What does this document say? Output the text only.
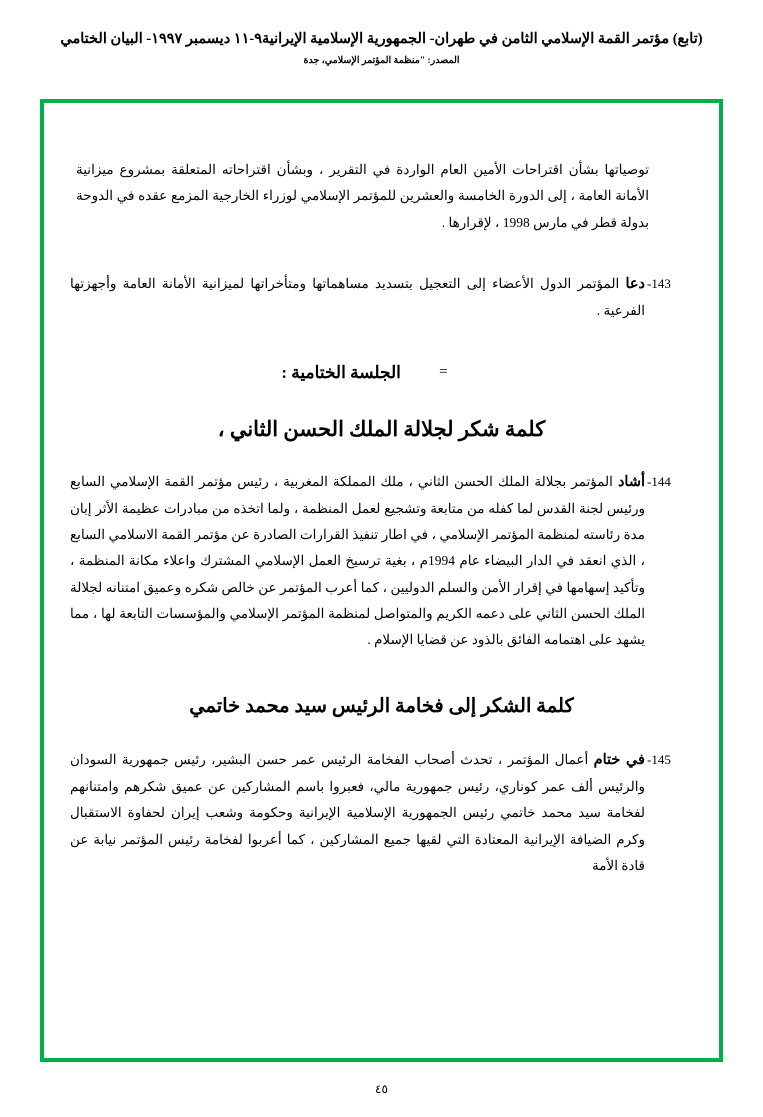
(تابع) مؤتمر القمة الإسلامي الثامن في طهران- الجمهورية الإسلامية الإيرانية٩-١١ ديسمبر ١٩٩٧- البيان الختامي
المصدر: "منظمة المؤتمر الإسلامي، جدة
توصياتها بشأن اقتراحات الأمين العام الواردة في التقرير ، وبشأن اقتراحاته المتعلقة بمشروع ميزانية الأمانة العامة ، إلى الدورة الخامسة والعشرين للمؤتمر الإسلامي لوزراء الخارجية المزمع عقده في الدوحة بدولة قطر في مارس 1998 ، لإقرارها .
-143
دعا المؤتمر الدول الأعضاء إلى التعجيل بتسديد مساهماتها ومتأخراتها لميزانية الأمانة العامة وأجهزتها الفرعية .
= الجلسة الختامية :
كلمة شكر لجلالة الملك الحسن الثاني ،
-144
أشاد المؤتمر بجلالة الملك الحسن الثاني ، ملك المملكة المغربية ، رئيس مؤتمر القمة الإسلامي السابع ورئيس لجنة القدس لما كفله من متابعة وتشجيع لعمل المنظمة ، ولما اتخذه من مبادرات عظيمة الأثر إبان مدة رئاسته لمنظمة المؤتمر الإسلامي ، في اطار تنفيذ القرارات الصادرة عن مؤتمر القمة الاسلامي السابع ، الذي انعقد في الدار البيضاء عام 1994م ، بغية ترسيخ العمل الإسلامي المشترك واعلاء مكانة المنظمة ، وتأكيد إسهامها في إقرار الأمن والسلم الدوليين ، كما أعرب المؤتمر عن خالص شكره وعميق امتنانه لجلالة الملك الحسن الثاني على دعمه الكريم والمتواصل لمنظمة المؤتمر الإسلامي والمؤسسات التابعة لها ، مما يشهد على اهتمامه الفائق بالذود عن قضايا الإسلام .
كلمة الشكر إلى فخامة الرئيس سيد محمد خاتمي
-145
في ختام أعمال المؤتمر ، تحدث أصحاب الفخامة الرئيس عمر حسن البشير، رئيس جمهورية السودان والرئيس ألف عمر كوناري، رئيس جمهورية مالي، فعبروا باسم المشاركين عن عميق شكرهم وامتنانهم لفخامة سيد محمد خاتمي رئيس الجمهورية الإسلامية الإيرانية وحكومة وشعب إيران لحفاوة الاستقبال وكرم الضيافة الإيرانية المعتادة التي لقيها جميع المشاركين ، كما أعربوا لفخامة رئيس المؤتمر نيابة عن قادة الأمة
٤٥
